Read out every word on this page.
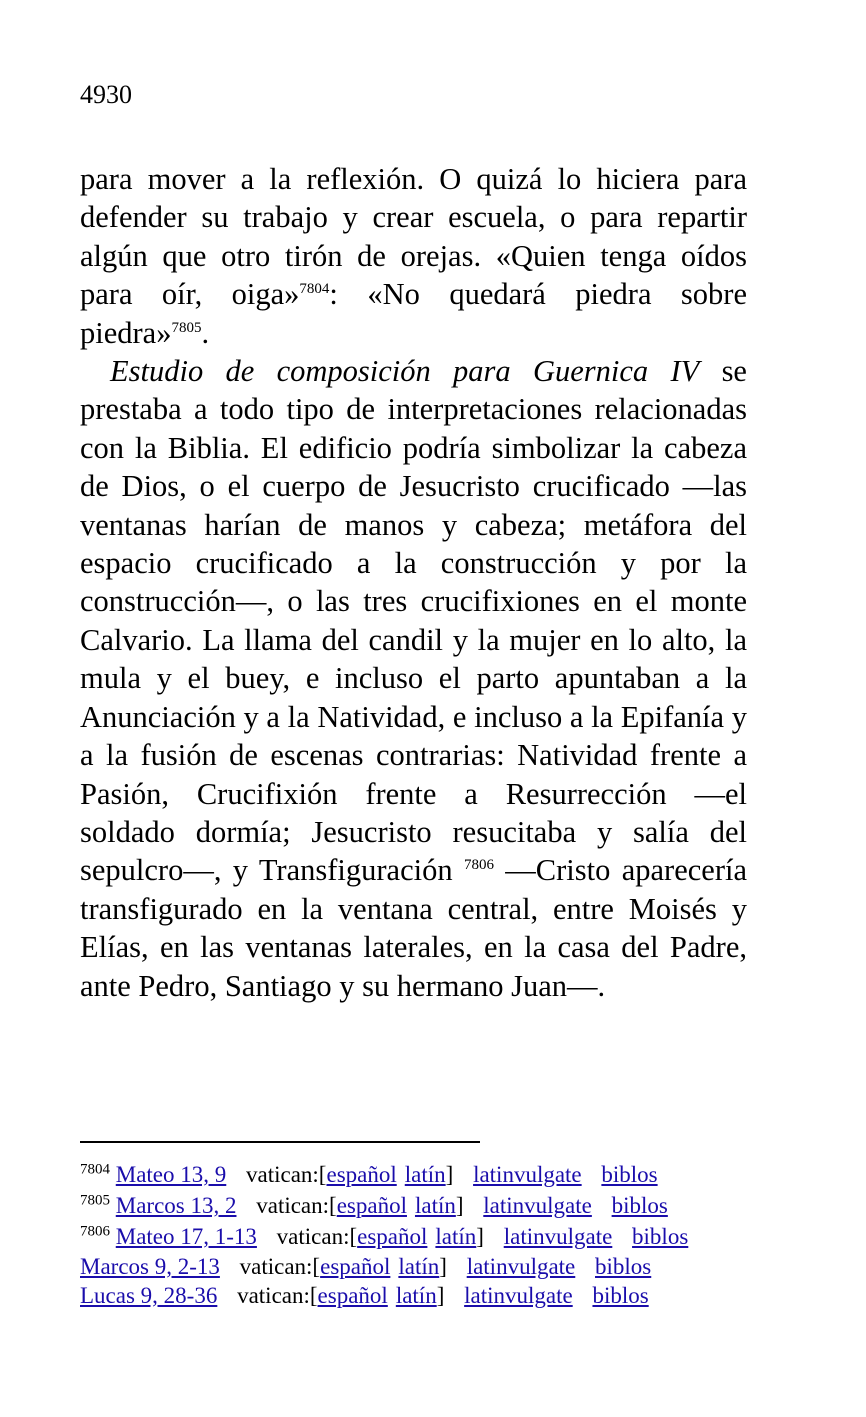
4930

para mover a la reflexión. O quizá lo hiciera para defender su trabajo y crear escuela, o para repartir algún que otro tirón de orejas. «Quien tenga oídos para oír, oiga»$^{7804}$: «No quedará piedra sobre piedra»$^{7805}$.

Estudio de composición para Guernica IV se prestaba a todo tipo de interpretaciones relacionadas con la Biblia. El edificio podría simbolizar la cabeza de Dios, o el cuerpo de Jesucristo crucificado —las ventanas harían de manos y cabeza; metáfora del espacio crucificado a la construcción y por la construcción—, o las tres crucifixiones en el monte Calvario. La llama del candil y la mujer en lo alto, la mula y el buey, e incluso el parto apuntaban a la Anunciación y a la Natividad, e incluso a la Epifanía y a la fusión de escenas contrarias: Natividad frente a Pasión, Crucifixión frente a Resurrección —el soldado dormía; Jesucristo resucitaba y salía del sepulcro—, y Transfiguración $^{7806}$ —Cristo aparecería transfigurado en la ventana central, entre Moisés y Elías, en las ventanas laterales, en la casa del Padre, ante Pedro, Santiago y su hermano Juan—.

$^{7804}$ Mateo 13, 9 vatican:[español latín] latinvulgate biblos
$^{7805}$ Marcos 13, 2 vatican:[español latín] latinvulgate biblos
$^{7806}$ Mateo 17, 1-13 vatican:[español latín] latinvulgate biblos
Marcos 9, 2-13 vatican:[español latín] latinvulgate biblos
Lucas 9, 28-36 vatican:[español latín] latinvulgate biblos
